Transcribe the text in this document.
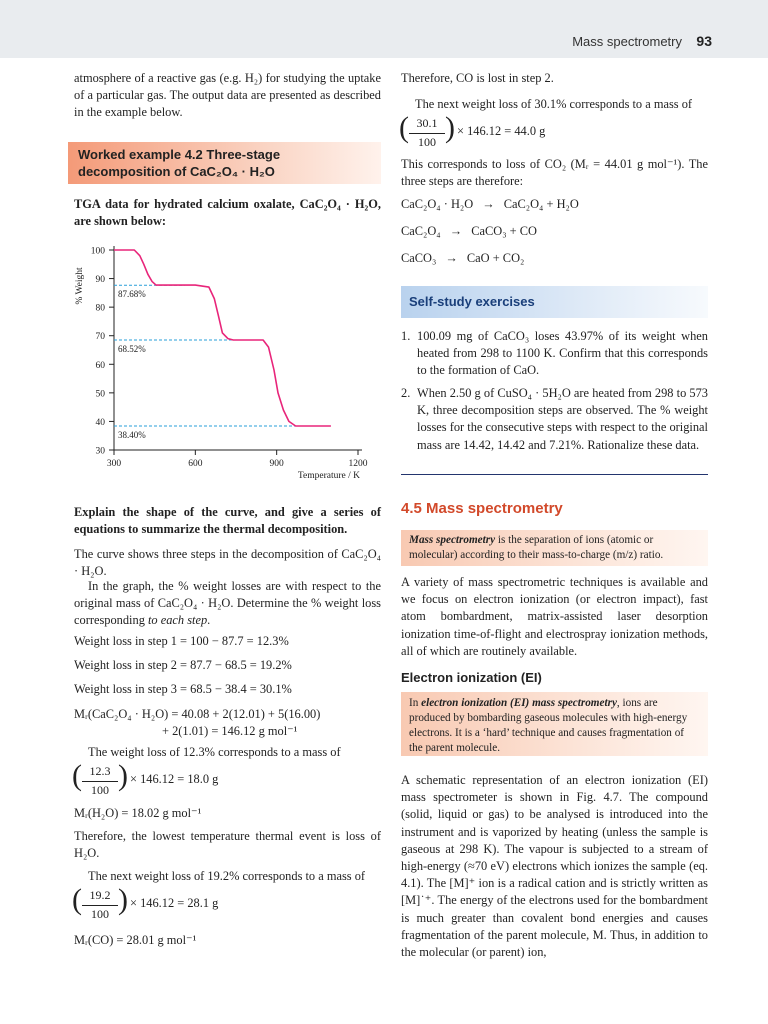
Mass spectrometry 93

atmosphere of a reactive gas (e.g. H₂) for studying the uptake of a particular gas. The output data are presented as described in the example below.

Worked example 4.2 Three-stage
decomposition of CaC₂O₄ · H₂O

TGA data for hydrated calcium oxalate, CaC₂O₄ · H₂O, are shown below:

30
40
50
60
70
80
90
100
300	600	900	1200
Temperature / K
% Weight	87.68%
68.52%
38.40%

Explain the shape of the curve, and give a series of equations to summarize the thermal decomposition.

The curve shows three steps in the decomposition of CaC₂O₄ · H₂O.

In the graph, the % weight losses are with respect to the original mass of CaC₂O₄ · H₂O. Determine the % weight loss corresponding to each step.

Weight loss in step 1 = 100 − 87.7 = 12.3%

Weight loss in step 2 = 87.7 − 68.5 = 19.2%

Weight loss in step 3 = 68.5 − 38.4 = 30.1%

Mᵣ(CaC₂O₄ · H₂O) = 40.08 + 2(12.01) + 5(16.00)
+ 2(1.01) = 146.12 g mol⁻¹

The weight loss of 12.3% corresponds to a mass of

( 12.3
100 ) × 146.12 = 18.0 g
Mᵣ(H₂O) = 18.02 g mol⁻¹

Therefore, the lowest temperature thermal event is loss of H₂O.

The next weight loss of 19.2% corresponds to a mass of

( 19.2
100 ) × 146.12 = 28.1 g
Mᵣ(CO) = 28.01 g mol⁻¹

Therefore, CO is lost in step 2.

The next weight loss of 30.1% corresponds to a mass of

( 30.1
100 ) × 146.12 = 44.0 g

This corresponds to loss of CO₂ (Mᵣ = 44.01 g mol⁻¹). The three steps are therefore:

CaC₂O₄ · H₂O → CaC₂O₄ + H₂O
CaC₂O₄ → CaCO₃ + CO
CaCO₃ → CaO + CO₂
Self-study exercises
1. 100.09 mg of CaCO₃ loses 43.97% of its weight when heated from 298 to 1100 K. Confirm that this corresponds to the formation of CaO.
2. When 2.50 g of CuSO₄ · 5H₂O are heated from 298 to 573 K, three decomposition steps are observed. The % weight losses for the consecutive steps with respect to the original mass are 14.42, 14.42 and 7.21%. Rationalize these data.
4.5 Mass spectrometry
Mass spectrometry is the separation of ions (atomic or molecular) according to their mass-to-charge (m/z) ratio.

A variety of mass spectrometric techniques is available and we focus on electron ionization (or electron impact), fast atom bombardment, matrix-assisted laser desorption ionization time-of-flight and electrospray ionization methods, all of which are routinely available.

Electron ionization (EI)
In electron ionization (EI) mass spectrometry, ions are produced by bombarding gaseous molecules with high-energy electrons. It is a ‘hard’ technique and causes fragmentation of the parent molecule.

A schematic representation of an electron ionization (EI) mass spectrometer is shown in Fig. 4.7. The compound (solid, liquid or gas) to be analysed is introduced into the instrument and is vaporized by heating (unless the sample is gaseous at 298 K). The vapour is subjected to a stream of high-energy (≈70 eV) electrons which ionizes the sample (eq. 4.1). The [M]⁺ ion is a radical cation and is strictly written as [M]˙⁺. The energy of the electrons used for the bombardment is much greater than covalent bond energies and causes fragmentation of the parent molecule, M. Thus, in addition to the molecular (or parent) ion,
